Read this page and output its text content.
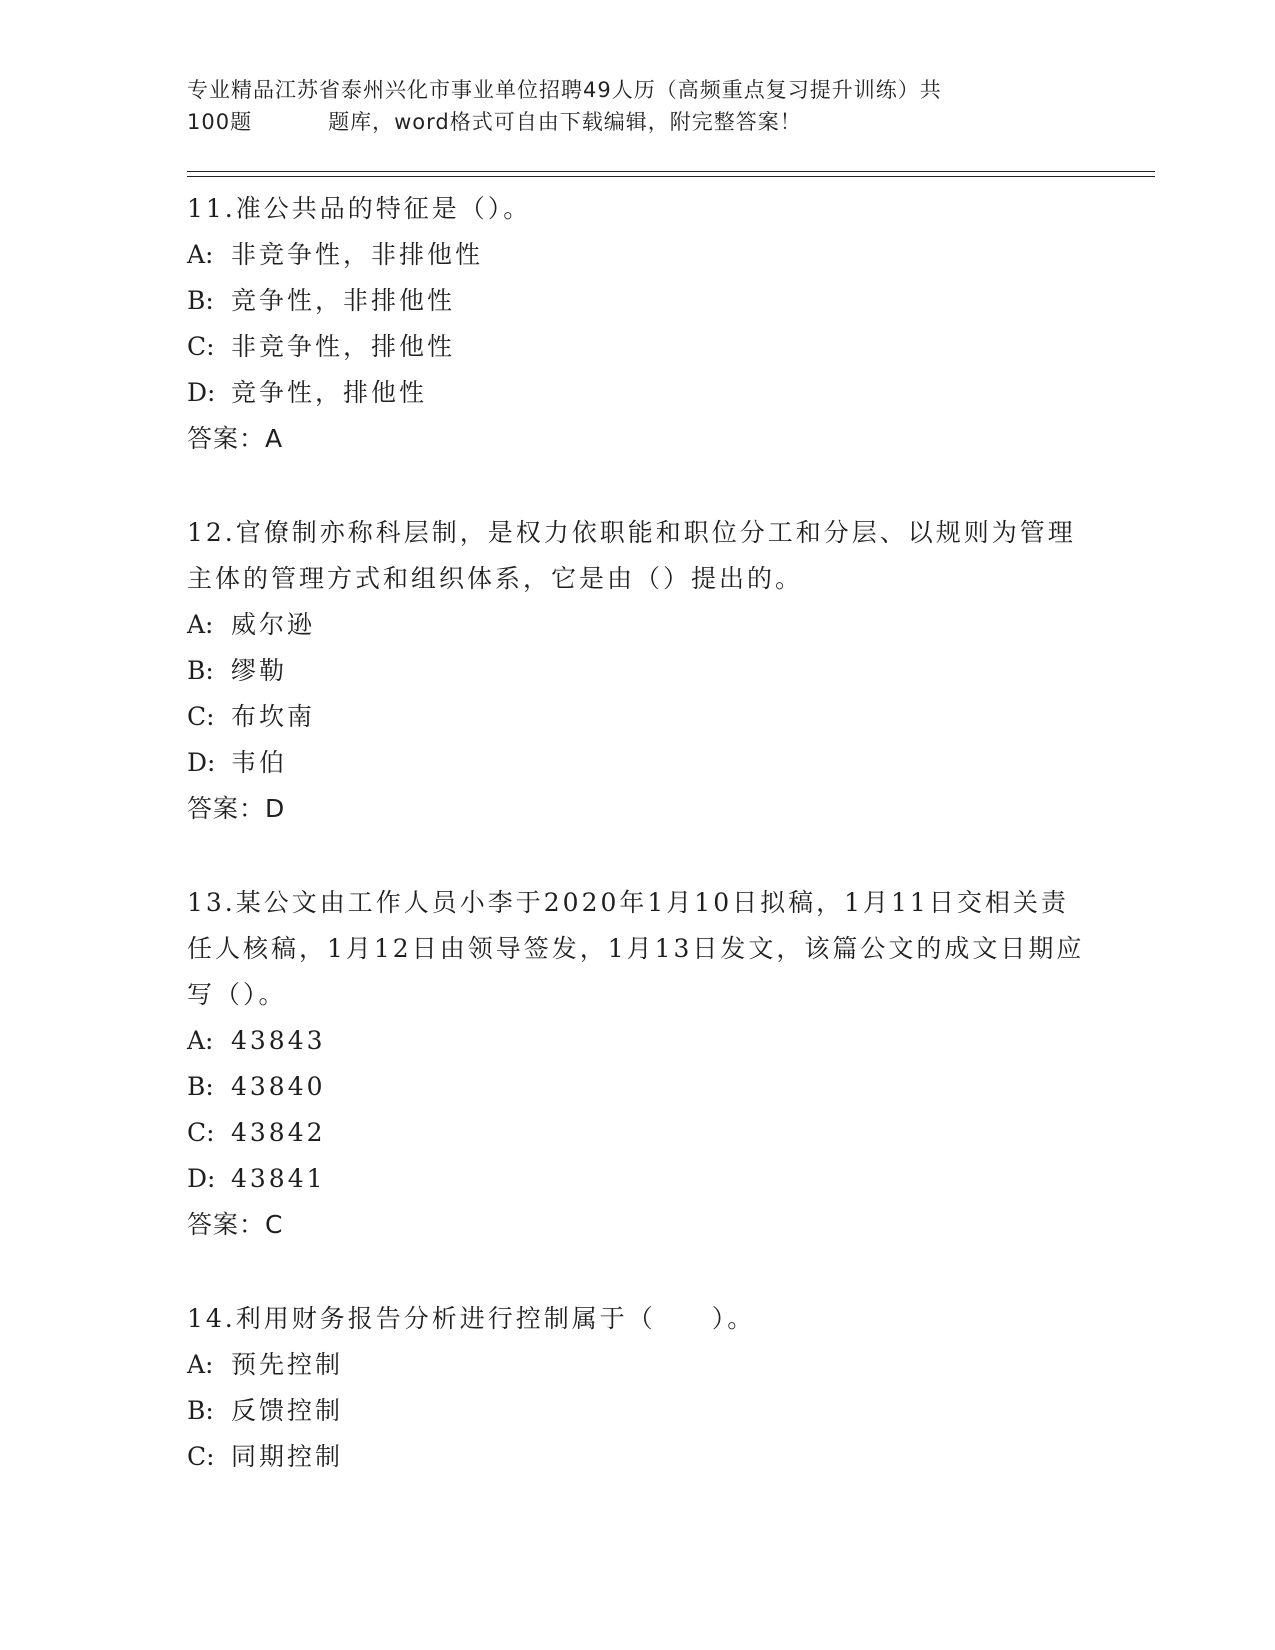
专业精品江苏省泰州兴化市事业单位招聘49人历（高频重点复习提升训练）共
100题	题库，word格式可自由下载编辑，附完整答案！

11.准公共品的特征是（）。

A: 非竞争性，非排他性

B: 竞争性，非排他性

C: 非竞争性，排他性

D: 竞争性，排他性

答案：A

12.官僚制亦称科层制，是权力依职能和职位分工和分层、以规则为管理主体的管理方式和组织体系，它是由（）提出的。

A: 威尔逊

B: 缪勒

C: 布坎南

D: 韦伯

答案：D

13.某公文由工作人员小李于2020年1月10日拟稿，1月11日交相关责任人核稿，1月12日由领导签发，1月13日发文，该篇公文的成文日期应写（）。

A: 43843

B: 43840

C: 43842

D: 43841

答案：C

14.利用财务报告分析进行控制属于（　　）。

A: 预先控制

B: 反馈控制

C: 同期控制
